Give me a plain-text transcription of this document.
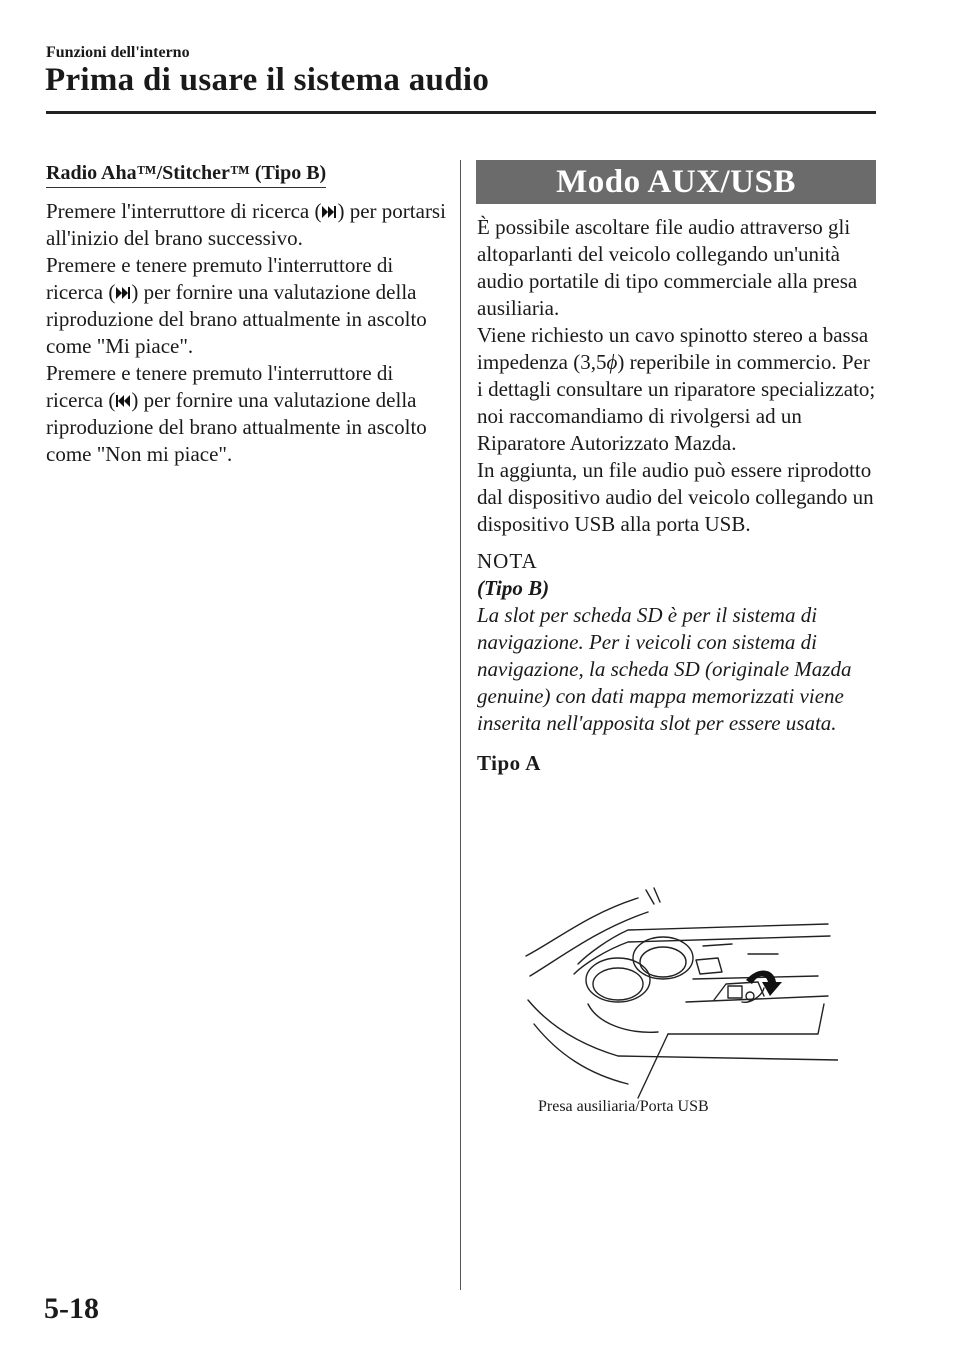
Funzioni dell'interno
Prima di usare il sistema audio
Radio Aha™/Stitcher™ (Tipo B)

Premere l'interruttore di ricerca ( ) per portarsi all'inizio del brano successivo.

Premere e tenere premuto l'interruttore di ricerca ( ) per fornire una valutazione della riproduzione del brano attualmente in ascolto come "Mi piace".

Premere e tenere premuto l'interruttore di ricerca ( ) per fornire una valutazione della riproduzione del brano attualmente in ascolto come "Non mi piace".

Modo AUX/USB

È possibile ascoltare file audio attraverso gli altoparlanti del veicolo collegando un'unità audio portatile di tipo commerciale alla presa ausiliaria.

Viene richiesto un cavo spinotto stereo a bassa impedenza (3,5ϕ) reperibile in commercio. Per i dettagli consultare un riparatore specializzato; noi raccomandiamo di rivolgersi ad un Riparatore Autorizzato Mazda.

In aggiunta, un file audio può essere riprodotto dal dispositivo audio del veicolo collegando un dispositivo USB alla porta USB.

NOTA
(Tipo B)

La slot per scheda SD è per il sistema di navigazione. Per i veicoli con sistema di navigazione, la scheda SD (originale Mazda genuine) con dati mappa memorizzati viene inserita nell'apposita slot per essere usata.

Tipo A
Presa ausiliaria/Porta USB
5-18
